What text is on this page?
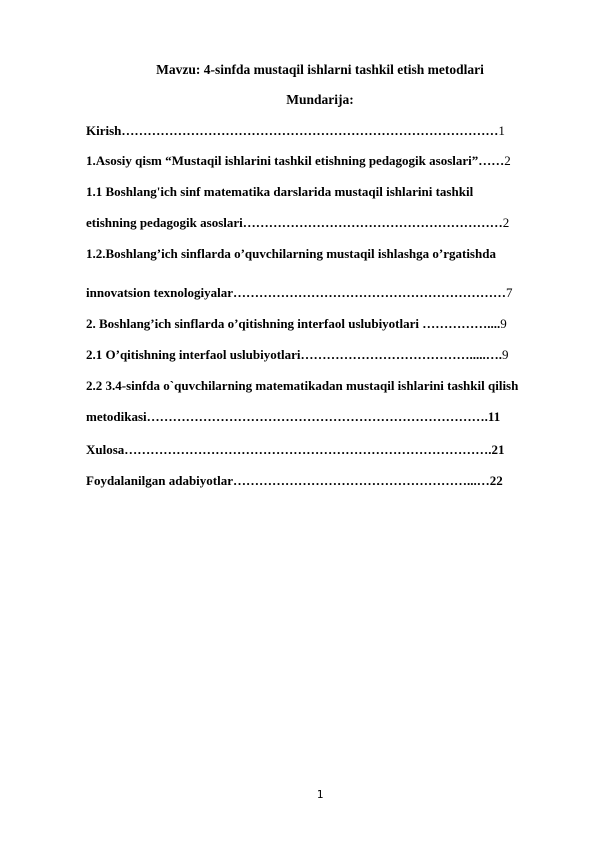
Mavzu: 4-sinfda mustaqil ishlarni tashkil etish metodlari
Mundarija:
Kirish……………………………………………………………………………1
1.Asosiy qism “Mustaqil ishlarini tashkil etishning pedagogik asoslari”……2
1.1 Boshlang'ich sinf matematika darslarida mustaqil ishlarini tashkil
etishning pedagogik asoslari……………………………………………………2
1.2.Boshlang’ich sinflarda o’quvchilarning mustaqil ishlashga o’rgatishda
innovatsion texnologiyalar………………………………………………………7
2. Boshlang’ich sinflarda o’qitishning interfaol uslubiyotlari ……………....9
2.1 O’qitishning interfaol uslubiyotlari………………………………….....….9
2.2 3.4-sinfda o`quvchilarning matematikadan mustaqil ishlarini tashkil qilish
metodikasi…………………………………………………………………….11
Xulosa………………………………………………………………………….21
Foydalanilgan adabiyotlar………………………………………………...…22
1
